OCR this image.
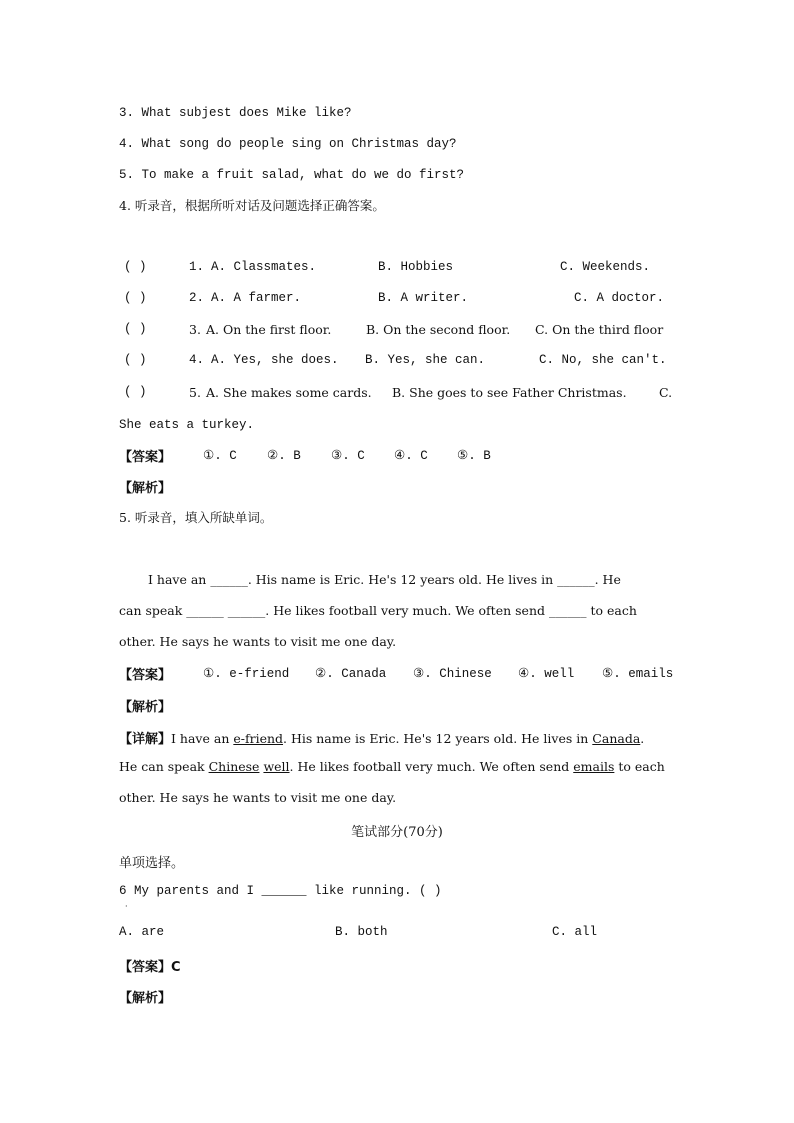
3. What subjest does Mike like?
4. What song do people sing on Christmas day?
5. To make a fruit salad, what do we do first?
4. 听录音，根据所听对话及问题选择正确答案。
( )	1. A. Classmates.	B. Hobbies	C. Weekends.
( )	2. A. A farmer.	B. A writer.	C. A doctor.
( )	3. A. On the first floor.	B. On the second floor. C. On the third floor
( )	4. A. Yes, she does. B. Yes, she can.	C. No, she can't.
( )	5. A. She makes some cards. B. She goes to see Father Christmas.	C.
She eats a turkey.
【答案】	①. C ②. B ③. C ④. C ⑤. B
【解析】
5. 听录音，填入所缺单词。
I have an ______. His name is Eric. He's 12 years old. He lives in ______. He
can speak ______ ______. He likes football very much. We often send ______ to each
other. He says he wants to visit me one day.
【答案】	①. e-friend ②. Canada ③. Chinese ④. well ⑤. emails
【解析】
【详解】I have an e-friend. His name is Eric. He's 12 years old. He lives in Canada.
He can speak Chinese well. He likes football very much. We often send emails to each
other. He says he wants to visit me one day.
笔试部分(70分)
单项选择。
6 My parents and I ______ like running. ( )
·
A. are	B. both	C. all
【答案】C
【解析】
